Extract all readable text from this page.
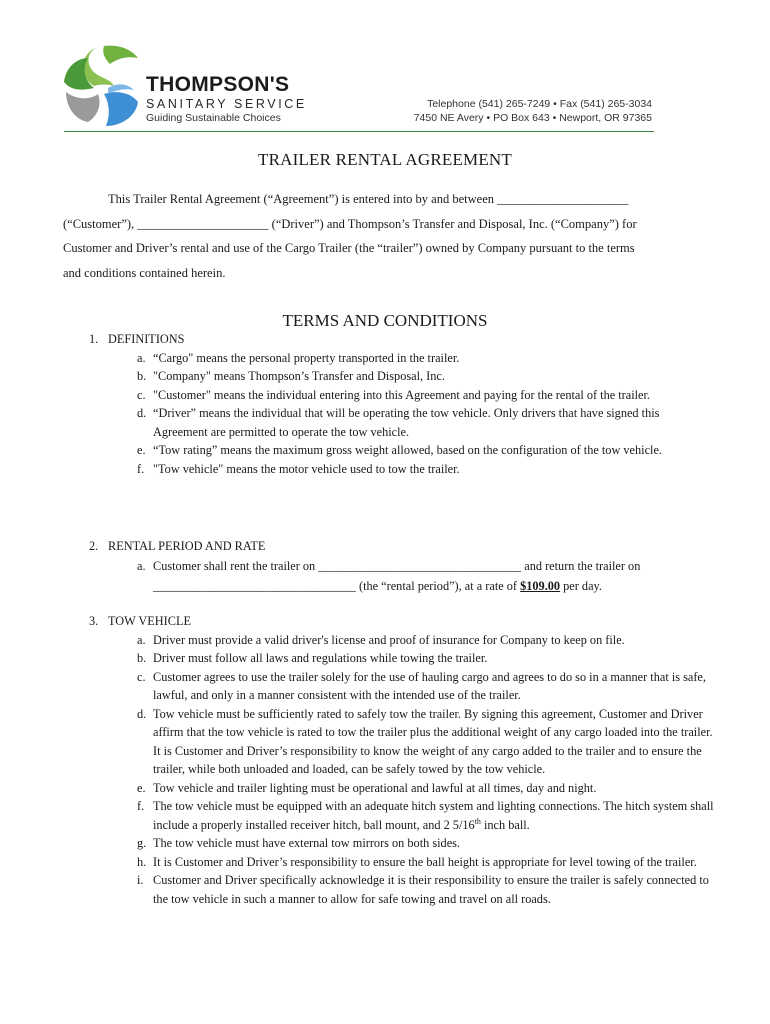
THOMPSON'S
SANITARY SERVICE
Guiding Sustainable Choices
Telephone (541) 265-7249 • Fax (541) 265-3034
7450 NE Avery • PO Box 643 • Newport, OR 97365
TRAILER RENTAL AGREEMENT
This Trailer Rental Agreement (“Agreement”) is entered into by and between _____________________
(“Customer”), _____________________ (“Driver”) and Thompson’s Transfer and Disposal, Inc. (“Company”) for
Customer and Driver’s rental and use of the Cargo Trailer (the “trailer”) owned by Company pursuant to the terms
and conditions contained herein.
TERMS AND CONDITIONS

1. DEFINITIONS

a. “Cargo" means the personal property transported in the trailer.
b. "Company" means Thompson’s Transfer and Disposal, Inc.
c. "Customer" means the individual entering into this Agreement and paying for the rental of the trailer.
d. “Driver” means the individual that will be operating the tow vehicle. Only drivers that have signed this Agreement are permitted to operate the tow vehicle.
e. “Tow rating” means the maximum gross weight allowed, based on the configuration of the tow vehicle.
f. "Tow vehicle" means the motor vehicle used to tow the trailer.

2. RENTAL PERIOD AND RATE

a. Customer shall rent the trailer on _________________________________ and return the trailer on
_________________________________ (the “rental period”), at a rate of $109.00 per day.

3. TOW VEHICLE

a. Driver must provide a valid driver's license and proof of insurance for Company to keep on file.
b. Driver must follow all laws and regulations while towing the trailer.
c. Customer agrees to use the trailer solely for the use of hauling cargo and agrees to do so in a manner that is safe, lawful, and only in a manner consistent with the intended use of the trailer.
d. Tow vehicle must be sufficiently rated to safely tow the trailer. By signing this agreement, Customer and Driver affirm that the tow vehicle is rated to tow the trailer plus the additional weight of any cargo loaded into the trailer. It is Customer and Driver’s responsibility to know the weight of any cargo added to the trailer and to ensure the trailer, while both unloaded and loaded, can be safely towed by the tow vehicle.
e. Tow vehicle and trailer lighting must be operational and lawful at all times, day and night.
f. The tow vehicle must be equipped with an adequate hitch system and lighting connections. The hitch system shall include a properly installed receiver hitch, ball mount, and 2 5/16th inch ball.
g. The tow vehicle must have external tow mirrors on both sides.
h. It is Customer and Driver’s responsibility to ensure the ball height is appropriate for level towing of the trailer.
i. Customer and Driver specifically acknowledge it is their responsibility to ensure the trailer is safely connected to the tow vehicle in such a manner to allow for safe towing and travel on all roads.
